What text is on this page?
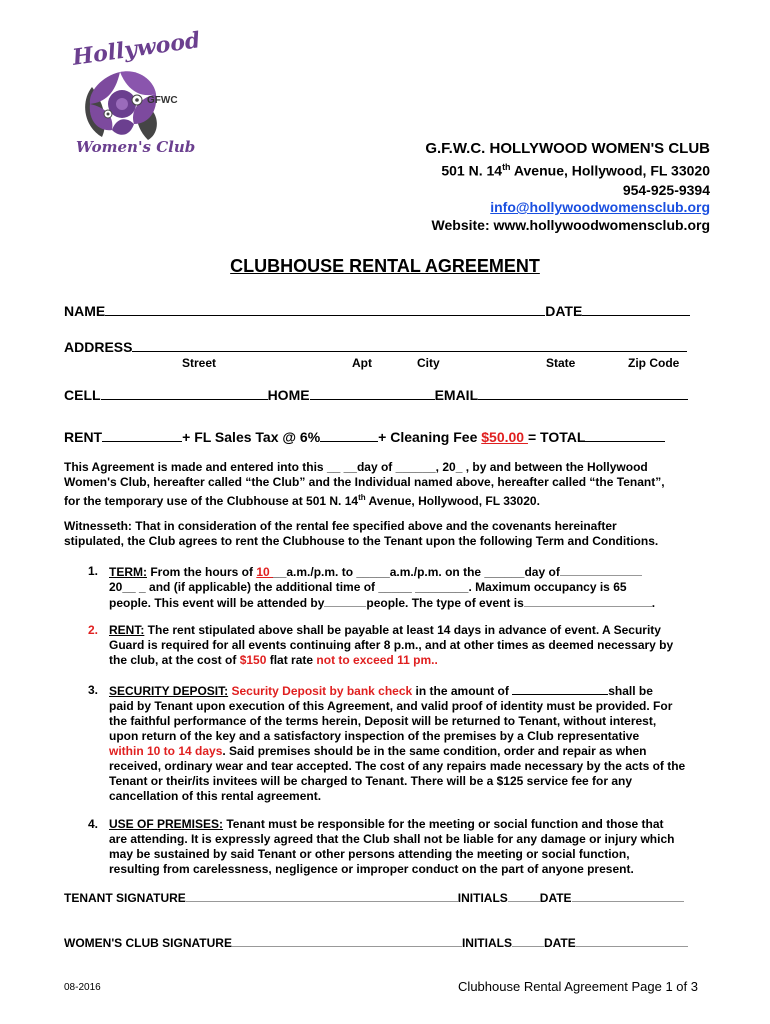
Hollywood
GFWC
Women's Club	G.F.W.C. HOLLYWOOD WOMEN'S CLUB
501 N. 14th Avenue, Hollywood, FL 33020
954-925-9394
info@hollywoodwomensclub.org
Website: www.hollywoodwomensclub.org
CLUBHOUSE RENTAL AGREEMENT
NAME	DATE
ADDRESS
Street	Apt	City	State	Zip Code
CELL	HOME	EMAIL
RENT	+ FL Sales Tax @ 6%	+ Cleaning Fee $50.00 = TOTAL
This Agreement is made and entered into this __ __day of ______, 20_ , by and between the Hollywood
Women's Club, hereafter called “the Club” and the Individual named above, hereafter called “the Tenant”,
for the temporary use of the Clubhouse at 501 N. 14th Avenue, Hollywood, FL 33020.
Witnesseth: That in consideration of the rental fee specified above and the covenants hereinafter
stipulated, the Club agrees to rent the Clubhouse to the Tenant upon the following Term and Conditions.
1. TERM: From the hours of 10 __a.m./p.m. to _____a.m./p.m. on the ______day of
20__ _ and (if applicable) the additional time of _____ ________. Maximum occupancy is 65
people. This event will be attended by	people. The type of event is	.
2. RENT: The rent stipulated above shall be payable at least 14 days in advance of event. A Security
Guard is required for all events continuing after 8 p.m., and at other times as deemed necessary by
the club, at the cost of $150 flat rate not to exceed 11 pm..
3. SECURITY DEPOSIT: Security Deposit by bank check in the amount of	shall be
paid by Tenant upon execution of this Agreement, and valid proof of identity must be provided. For
the faithful performance of the terms herein, Deposit will be returned to Tenant, without interest,
upon return of the key and a satisfactory inspection of the premises by a Club representative
within 10 to 14 days. Said premises should be in the same condition, order and repair as when
received, ordinary wear and tear accepted. The cost of any repairs made necessary by the acts of the
Tenant or their/its invitees will be charged to Tenant. There will be a $125 service fee for any
cancellation of this rental agreement.
4. USE OF PREMISES: Tenant must be responsible for the meeting or social function and those that
are attending. It is expressly agreed that the Club shall not be liable for any damage or injury which
may be sustained by said Tenant or other persons attending the meeting or social function,
resulting from carelessness, negligence or improper conduct on the part of anyone present.
TENANT SIGNATURE	INITIALS	DATE
WOMEN'S CLUB SIGNATURE	INITIALS	DATE
08-2016	Clubhouse Rental Agreement Page 1 of 3
